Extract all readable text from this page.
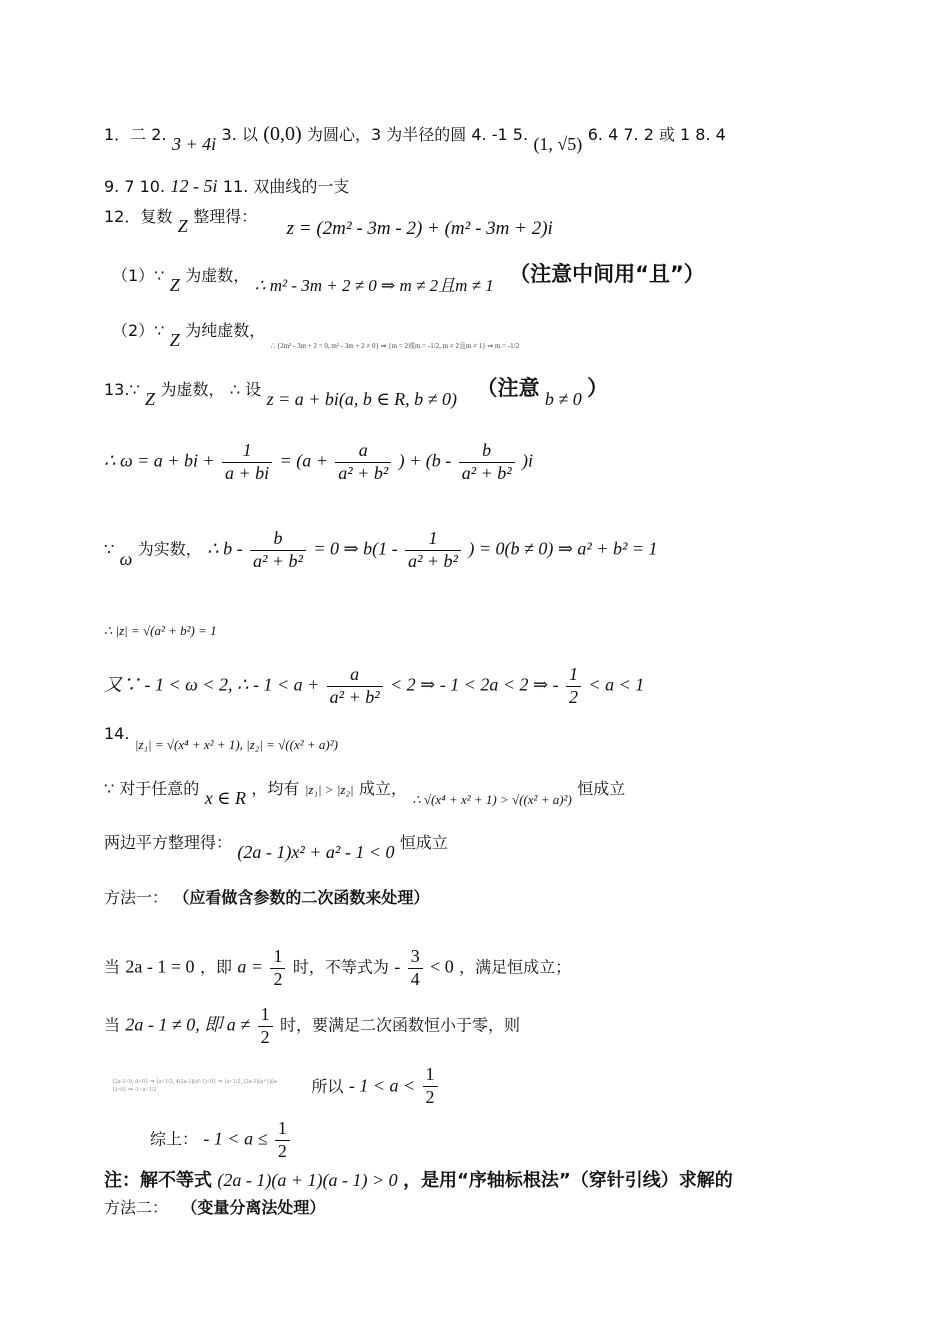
1．二 2. 3 + 4i 3. 以 (0,0) 为圆心，3 为半径的圆 4. -1 5. (1, √5) 6. 4 7. 2 或 1 8. 4
9. 7 10. 12 - 5i 11. 双曲线的一支
12．复数 Z 整理得： z = (2m² - 3m - 2) + (m² - 3m + 2)i
（1）∵ Z 为虚数， ∴ m² - 3m + 2 ≠ 0 ⇒ m ≠ 2且m ≠ 1 （注意中间用“且”）
（2）∵ Z 为纯虚数， $_{\therefore \{2m^2 - 3m + 2 = 0, m^2 - 3m + 2 \ne 0\} \Rightarrow \{m = 2或m = -1/2, m \ne 2且m \ne 1\} \Rightarrow m = -1/2}$
13.∵ Z 为虚数， ∴ 设 z = a + bi(a, b ∈ R, b ≠ 0) （注意 b ≠ 0 ）
∴ ω = a + bi + $\frac{1}{a + bi} = (a + \frac{a}{\text{a² + b²}}$ ) + $(b - \frac{b}{\text{a² + b²}} )i$
∵ ω 为实数， ∴ $b - \frac{b}{\text{a² + b²}} = 0$ ⇒ $b(1 - \frac{1}{\text{a² + b²}}$ ) = 0(b ≠ 0) ⇒ a² + b² = 1
∴ |z| = √(a² + b²) = 1
又∵ - 1 < ω < 2, ∴ - $1 < a + \frac{a}{\text{a² + b²}} < 2$ ⇒ - 1 < 2a < 2 ⇒ - $\frac{1}{2} < a < 1$
14. $_{|z_1| = √(x^4 + x^2 + 1), |z_2| = √((x^2 + a)^2)}$
∵ 对于任意的 x ∈ R ，均有 |z₁| > |z₂| 成立， $_{\therefore √(x^4 + x^2 + 1) > √((x^2 + a)^2)}$ 恒成立
两边平方整理得： (2a - 1)x² + a² - 1 < 0 恒成立
方法一： （应看做含参数的二次函数来处理）
当 2a - 1 = 0 ，即 $a = \frac{1}{2}$ 时，不等式为 - $\frac{3}{4} < 0$ ，满足恒成立；
当 2a - 1 ≠ 0, 即 $a \ne \frac{1}{2}$ 时，要满足二次函数恒小于零，则
{2a-1<0, Δ<0} ⇒ {a<1/2, 4(2a-1)(a²-1)<0} ⇒ {a<1/2, (2a-1)(a+1)(a-1)>0} ⇒ -1<a<1/2	所以 - $1 < a < \frac{1}{2}$
综上： - $1 < a \le \frac{1}{2}$
注：解不等式 (2a - 1)(a + 1)(a - 1) > 0 ，是用“序轴标根法”（穿针引线）求解的
方法二： （变量分离法处理）
